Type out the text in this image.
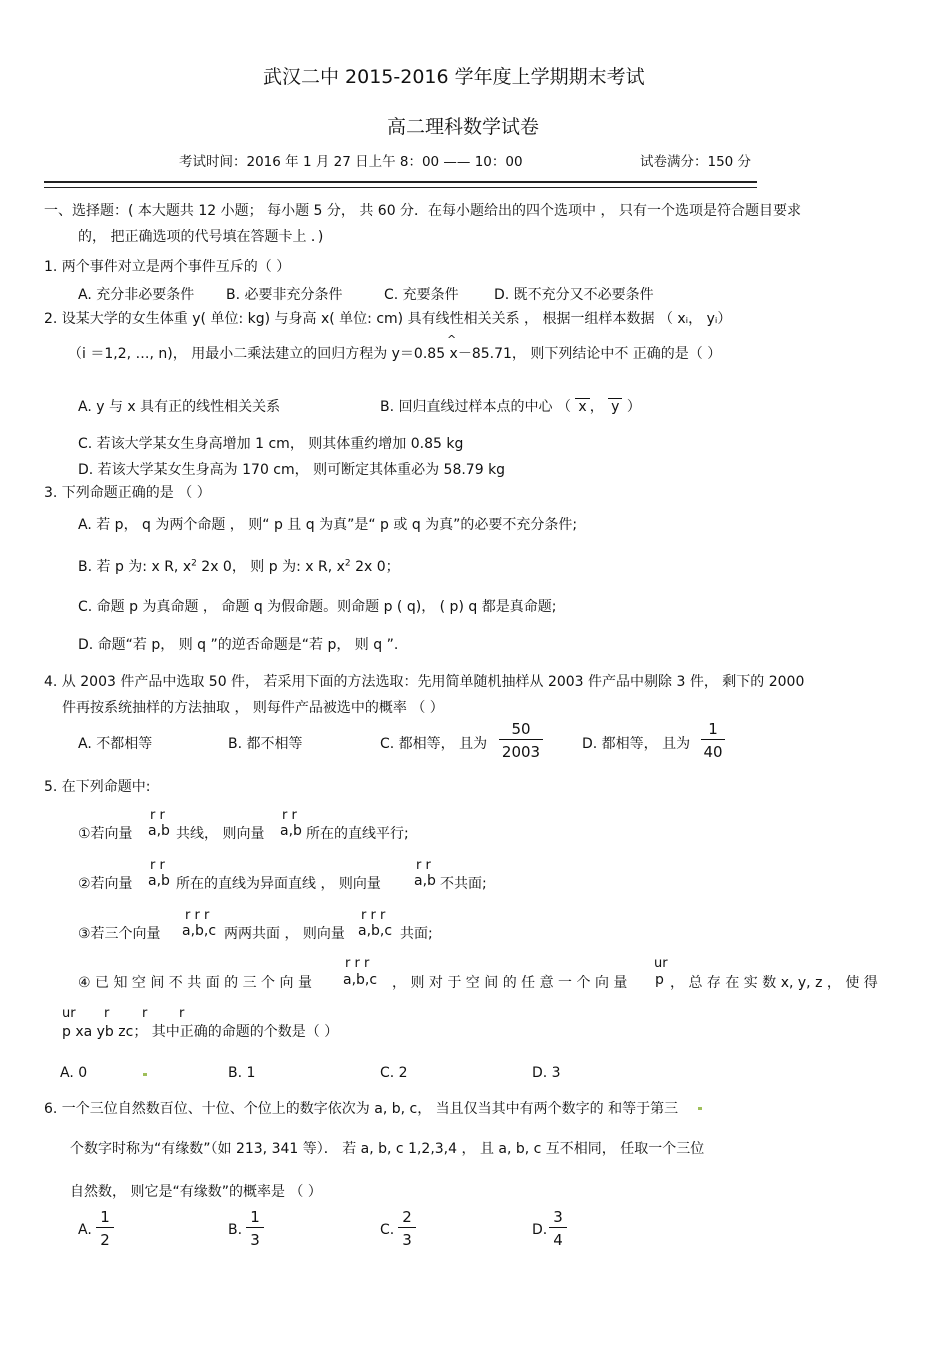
武汉二中 2015-2016 学年度上学期期末考试
高二理科数学试卷
考试时间：2016 年 1 月 27 日上午 8：00 —— 10：00	试卷满分：150 分
一、选择题：( 本大题共 12 小题； 每小题 5 分， 共 60 分．在每小题给出的四个选项中 ， 只有一个选项是符合题目要求
的， 把正确选项的代号填在答题卡上 ．)
1. 两个事件对立是两个事件互斥的（ ）
A. 充分非必要条件 B. 必要非充分条件	C. 充要条件	D. 既不充分又不必要条件
2. 设某大学的女生体重 y( 单位: kg) 与身高 x( 单位: cm) 具有线性相关关系 ， 根据一组样本数据 （ xᵢ， yᵢ）
^
（i ＝1,2, …, n)， 用最小二乘法建立的回归方程为 y＝0.85 x－85.71， 则下列结论中不 正确的是（ ）
A. y 与 x 具有正的线性相关关系	B. 回归直线过样本点的中心 （ x ， y ）
C. 若该大学某女生身高增加 1 cm， 则其体重约增加 0.85 kg
D. 若该大学某女生身高为 170 cm， 则可断定其体重必为 58.79 kg
3. 下列命题正确的是 （ ）
A. 若 p， q 为两个命题 ， 则“ p 且 q 为真”是“ p 或 q 为真”的必要不充分条件;
B. 若 p 为: x R, $x^2$ 2x 0， 则 p 为: x R, $x^2$ 2x 0；
C. 命题 p 为真命题 ， 命题 q 为假命题。则命题 p ( q)， ( p) q 都是真命题;
D. 命题“若 p， 则 q ”的逆否命题是“若 p， 则 q ”.
4. 从 2003 件产品中选取 50 件， 若采用下面的方法选取：先用简单随机抽样从 2003 件产品中剔除 3 件， 剩下的 2000
件再按系统抽样的方法抽取 ， 则每件产品被选中的概率 （ ）
A. 不都相等	B. 都不相等	C. 都相等， 且为
50
2003	D. 都相等， 且为
1
40
5. 在下列命题中:
r r	r r
①若向量 a,b 共线， 则向量 a,b 所在的直线平行;
r r	r r
②若向量 a,b 所在的直线为异面直线 ， 则向量 a,b 不共面;
r r r	r r r
③若三个向量 a,b,c 两两共面 ， 则向量 a,b,c 共面;
r r r	ur
④ 已 知 空 间 不 共 面 的 三 个 向 量 a,b,c ， 则 对 于 空 间 的 任 意 一 个 向 量 p ， 总 存 在 实 数 x, y, z ， 使 得
ur r	r r
p xa yb zc； 其中正确的命题的个数是（ ）
A. 0	B. 1	C. 2	D. 3
6. 一个三位自然数百位、十位、个位上的数字依次为 a, b, c， 当且仅当其中有两个数字的 和等于第三
个数字时称为“有缘数”（如 213, 341 等）． 若 a, b, c 1,2,3,4 ， 且 a, b, c 互不相同， 任取一个三位
自然数， 则它是“有缘数”的概率是 （ ）
A.
1
2
B.
1
3
C.
2
3
D.
3
4
